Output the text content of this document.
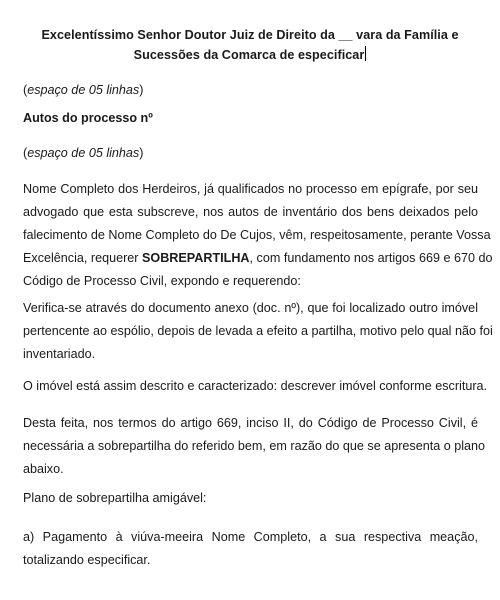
Excelentíssimo Senhor Doutor Juiz de Direito da __ vara da Família e
Sucessões da Comarca de especificar
(espaço de 05 linhas)
Autos do processo nº
(espaço de 05 linhas)
Nome Completo dos Herdeiros, já qualificados no processo em epígrafe, por seu
advogado que esta subscreve, nos autos de inventário dos bens deixados pelo
falecimento de Nome Completo do De Cujos, vêm, respeitosamente, perante Vossa
Excelência, requerer SOBREPARTILHA, com fundamento nos artigos 669 e 670 do
Código de Processo Civil, expondo e requerendo:
Verifica-se através do documento anexo (doc. nº), que foi localizado outro imóvel
pertencente ao espólio, depois de levada a efeito a partilha, motivo pelo qual não foi
inventariado.
O imóvel está assim descrito e caracterizado: descrever imóvel conforme escritura.
Desta feita, nos termos do artigo 669, inciso II, do Código de Processo Civil, é
necessária a sobrepartilha do referido bem, em razão do que se apresenta o plano
abaixo.
Plano de sobrepartilha amigável:
a) Pagamento à viúva-meeira Nome Completo, a sua respectiva meação,
totalizando especificar.
